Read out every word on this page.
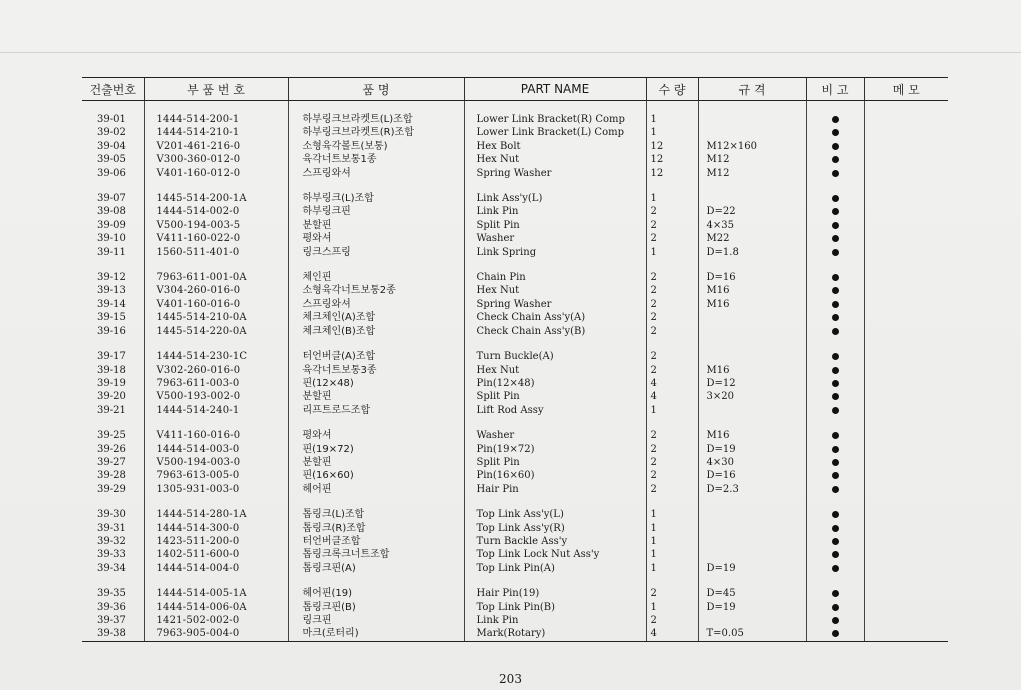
건출번호	부 품 번 호	품 명	PART NAME	수 량	규 격	비 고	메 모

39-01	1444-514-200-1	하부링크브라켓트(L)조합	Lower Link Bracket(R) Comp	1			
39-02	1444-514-210-1	하부링크브라켓트(R)조합	Lower Link Bracket(L) Comp	1			
39-04	V201-461-216-0	소형육각볼트(보통)	Hex Bolt	12	M12×160		
39-05	V300-360-012-0	육각너트보통1종	Hex Nut	12	M12		
39-06	V401-160-012-0	스프링와셔	Spring Washer	12	M12		

39-07	1445-514-200-1A	하부링크(L)조합	Link Ass'y(L)	1			
39-08	1444-514-002-0	하부링크핀	Link Pin	2	D=22		
39-09	V500-194-003-5	분할핀	Split Pin	2	4×35		
39-10	V411-160-022-0	평와셔	Washer	2	M22		
39-11	1560-511-401-0	링크스프링	Link Spring	1	D=1.8		

39-12	7963-611-001-0A	체인핀	Chain Pin	2	D=16		
39-13	V304-260-016-0	소형육각너트보통2종	Hex Nut	2	M16		
39-14	V401-160-016-0	스프링와셔	Spring Washer	2	M16		
39-15	1445-514-210-0A	체크체인(A)조합	Check Chain Ass'y(A)	2			
39-16	1445-514-220-0A	체크체인(B)조합	Check Chain Ass'y(B)	2			

39-17	1444-514-230-1C	터언버클(A)조합	Turn Buckle(A)	2			
39-18	V302-260-016-0	육각너트보통3종	Hex Nut	2	M16		
39-19	7963-611-003-0	핀(12×48)	Pin(12×48)	4	D=12		
39-20	V500-193-002-0	분할핀	Split Pin	4	3×20		
39-21	1444-514-240-1	리프트로드조합	Lift Rod Assy	1			

39-25	V411-160-016-0	평와셔	Washer	2	M16		
39-26	1444-514-003-0	핀(19×72)	Pin(19×72)	2	D=19		
39-27	V500-194-003-0	분할핀	Split Pin	2	4×30		
39-28	7963-613-005-0	핀(16×60)	Pin(16×60)	2	D=16		
39-29	1305-931-003-0	헤어핀	Hair Pin	2	D=2.3		

39-30	1444-514-280-1A	톱링크(L)조합	Top Link Ass'y(L)	1			
39-31	1444-514-300-0	톱링크(R)조합	Top Link Ass'y(R)	1			
39-32	1423-511-200-0	터언버클조합	Turn Backle Ass'y	1			
39-33	1402-511-600-0	톱링크록크너트조합	Top Link Lock Nut Ass'y	1			
39-34	1444-514-004-0	톱링크핀(A)	Top Link Pin(A)	1	D=19		

39-35	1444-514-005-1A	헤어핀(19)	Hair Pin(19)	2	D=45		
39-36	1444-514-006-0A	톱링크핀(B)	Top Link Pin(B)	1	D=19		
39-37	1421-502-002-0	링크핀	Link Pin	2			
39-38	7963-905-004-0	마크(로터리)	Mark(Rotary)	4	T=0.05		
203
